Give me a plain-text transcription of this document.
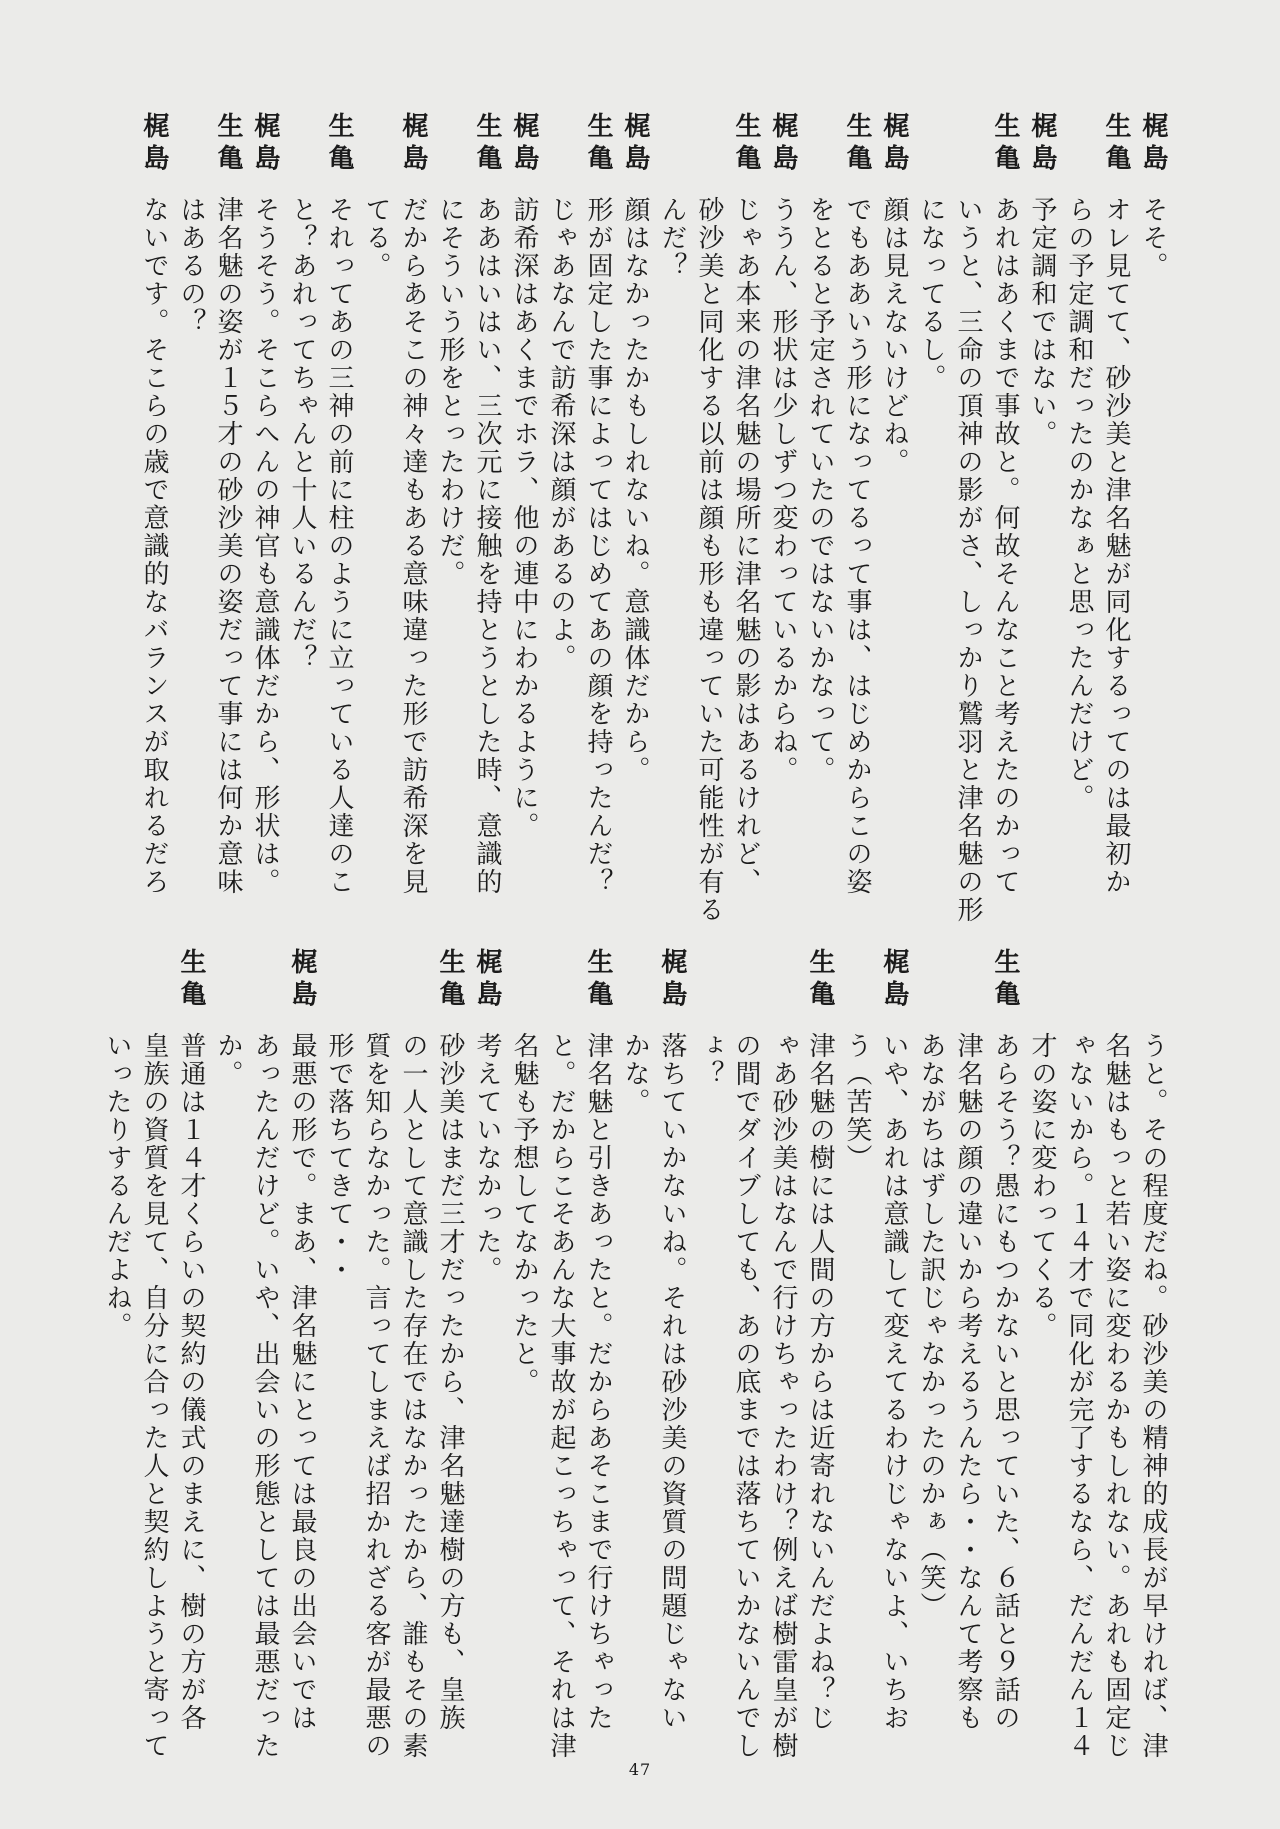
梶島
そそ。
生亀
オレ見てて、砂沙美と津名魅が同化するってのは最初か
らの予定調和だったのかなぁと思ったんだけど。
梶島
予定調和ではない。
生亀
あれはあくまで事故と。何故そんなこと考えたのかって
いうと、三命の頂神の影がさ、しっかり鷲羽と津名魅の形
になってるし。
梶島
顔は見えないけどね。
生亀
でもああいう形になってるって事は、はじめからこの姿
をとると予定されていたのではないかなって。
梶島
ううん、形状は少しずつ変わっているからね。
生亀
じゃあ本来の津名魅の場所に津名魅の影はあるけれど、
砂沙美と同化する以前は顔も形も違っていた可能性が有る
んだ？
梶島
顔はなかったかもしれないね。意識体だから。
生亀
形が固定した事によってはじめてあの顔を持ったんだ？
じゃあなんで訪希深は顔があるのよ。
梶島
訪希深はあくまでホラ、他の連中にわかるように。
生亀
ああはいはい、三次元に接触を持とうとした時、意識的
にそういう形をとったわけだ。
梶島
だからあそこの神々達もある意味違った形で訪希深を見
てる。
生亀
それってあの三神の前に柱のように立っている人達のこ
と？あれってちゃんと十人いるんだ？
梶島
そうそう。そこらへんの神官も意識体だから、形状は。
生亀
津名魅の姿が１５才の砂沙美の姿だって事には何か意味
はあるの？
梶島
ないです。そこらの歳で意識的なバランスが取れるだろ
うと。その程度だね。砂沙美の精神的成長が早ければ、津
名魅はもっと若い姿に変わるかもしれない。あれも固定じ
ゃないから。１４才で同化が完了するなら、だんだん１４
才の姿に変わってくる。
生亀
あらそう？愚にもつかないと思っていた、６話と９話の
津名魅の顔の違いから考えるうんたら・・なんて考察も
あながちはずした訳じゃなかったのかぁ（笑）
梶島
いや、あれは意識して変えてるわけじゃないよ、いちお
う（苦笑）
生亀
津名魅の樹には人間の方からは近寄れないんだよね？じ
ゃあ砂沙美はなんで行けちゃったわけ？例えば樹雷皇が樹
の間でダイブしても、あの底までは落ちていかないんでし
ょ？
梶島
落ちていかないね。それは砂沙美の資質の問題じゃない
かな。
生亀
津名魅と引きあったと。だからあそこまで行けちゃった
と。だからこそあんな大事故が起こっちゃって、それは津
名魅も予想してなかったと。
梶島
考えていなかった。
生亀
砂沙美はまだ三才だったから、津名魅達樹の方も、皇族
の一人として意識した存在ではなかったから、誰もその素
質を知らなかった。言ってしまえば招かれざる客が最悪の
形で落ちてきて・・
梶島
最悪の形で。まあ、津名魅にとっては最良の出会いでは
あったんだけど。いや、出会いの形態としては最悪だった
か。
生亀
普通は１４才くらいの契約の儀式のまえに、樹の方が各
皇族の資質を見て、自分に合った人と契約しようと寄って
いったりするんだよね。
47
